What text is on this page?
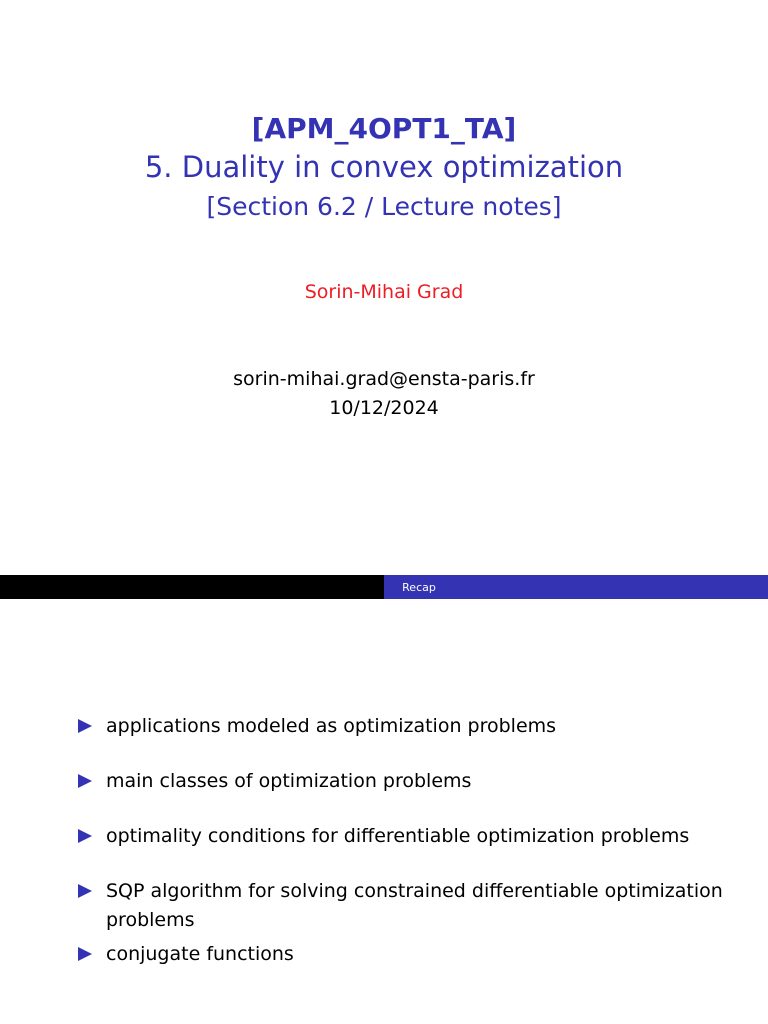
[APM_4OPT1_TA]
5. Duality in convex optimization
[Section 6.2 / Lecture notes]
Sorin-Mihai Grad
sorin-mihai.grad@ensta-paris.fr
10/12/2024
Recap
applications modeled as optimization problems
main classes of optimization problems
optimality conditions for differentiable optimization problems
SQP algorithm for solving constrained differentiable optimization problems
conjugate functions
